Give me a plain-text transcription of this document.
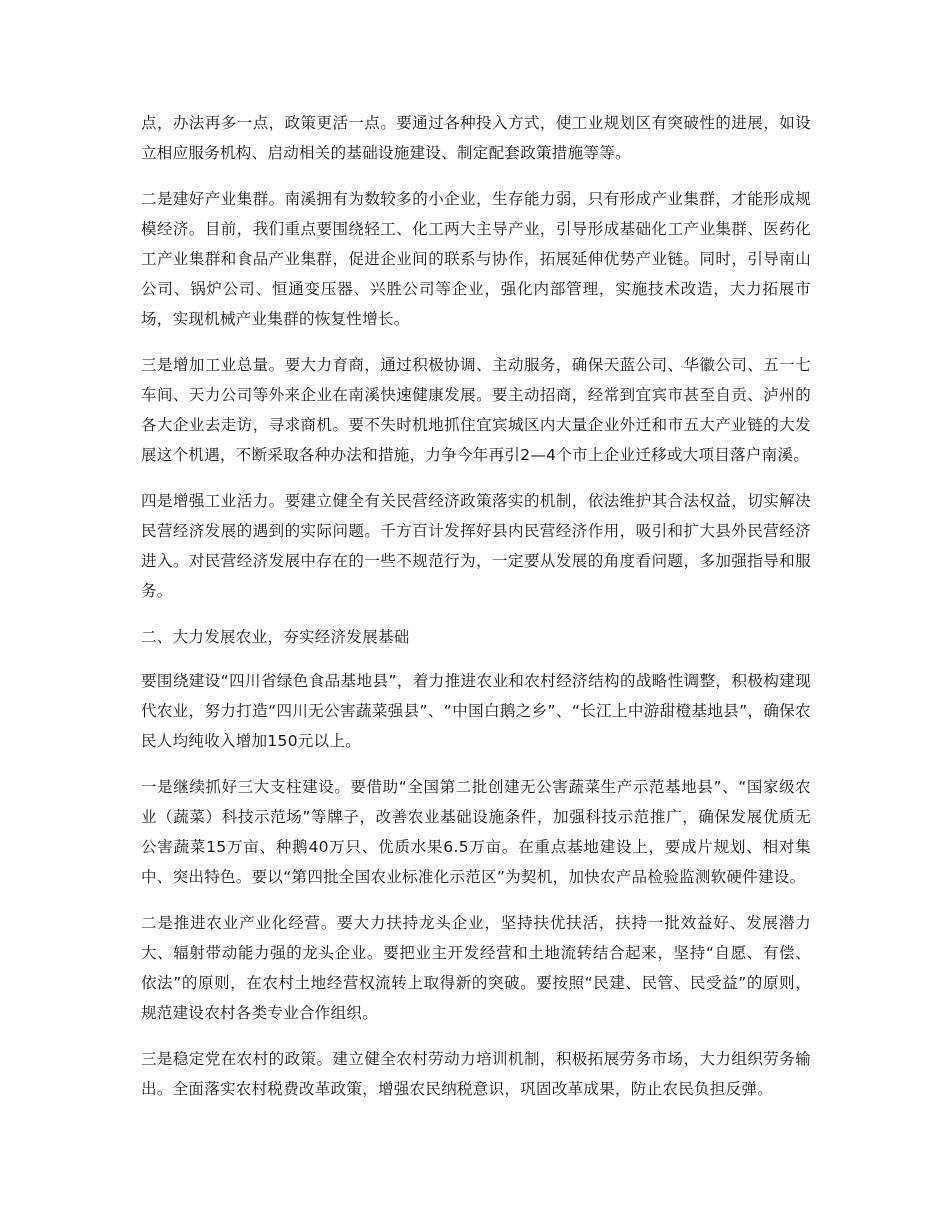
点，办法再多一点，政策更活一点。要通过各种投入方式，使工业规划区有突破性的进展，如设立相应服务机构、启动相关的基础设施建设、制定配套政策措施等等。

二是建好产业集群。南溪拥有为数较多的小企业，生存能力弱，只有形成产业集群，才能形成规模经济。目前，我们重点要围绕轻工、化工两大主导产业，引导形成基础化工产业集群、医药化工产业集群和食品产业集群，促进企业间的联系与协作，拓展延伸优势产业链。同时，引导南山公司、锅炉公司、恒通变压器、兴胜公司等企业，强化内部管理，实施技术改造，大力拓展市场，实现机械产业集群的恢复性增长。

三是增加工业总量。要大力育商，通过积极协调、主动服务，确保天蓝公司、华徽公司、五一七车间、天力公司等外来企业在南溪快速健康发展。要主动招商，经常到宜宾市甚至自贡、泸州的各大企业去走访，寻求商机。要不失时机地抓住宜宾城区内大量企业外迁和市五大产业链的大发展这个机遇，不断采取各种办法和措施，力争今年再引2—4个市上企业迁移或大项目落户南溪。

四是增强工业活力。要建立健全有关民营经济政策落实的机制，依法维护其合法权益，切实解决民营经济发展的遇到的实际问题。千方百计发挥好县内民营经济作用，吸引和扩大县外民营经济进入。对民营经济发展中存在的一些不规范行为，一定要从发展的角度看问题，多加强指导和服务。

二、大力发展农业，夯实经济发展基础

要围绕建设“四川省绿色食品基地县”，着力推进农业和农村经济结构的战略性调整，积极构建现代农业，努力打造“四川无公害蔬菜强县”、“中国白鹅之乡”、“长江上中游甜橙基地县”，确保农民人均纯收入增加150元以上。

一是继续抓好三大支柱建设。要借助“全国第二批创建无公害蔬菜生产示范基地县”、“国家级农业（蔬菜）科技示范场”等牌子，改善农业基础设施条件，加强科技示范推广，确保发展优质无公害蔬菜15万亩、种鹅40万只、优质水果6.5万亩。在重点基地建设上，要成片规划、相对集中、突出特色。要以“第四批全国农业标准化示范区”为契机，加快农产品检验监测软硬件建设。

二是推进农业产业化经营。要大力扶持龙头企业，坚持扶优扶活，扶持一批效益好、发展潜力大、辐射带动能力强的龙头企业。要把业主开发经营和土地流转结合起来，坚持“自愿、有偿、依法”的原则，在农村土地经营权流转上取得新的突破。要按照“民建、民管、民受益”的原则，规范建设农村各类专业合作组织。

三是稳定党在农村的政策。建立健全农村劳动力培训机制，积极拓展劳务市场，大力组织劳务输出。全面落实农村税费改革政策，增强农民纳税意识，巩固改革成果，防止农民负担反弹。
